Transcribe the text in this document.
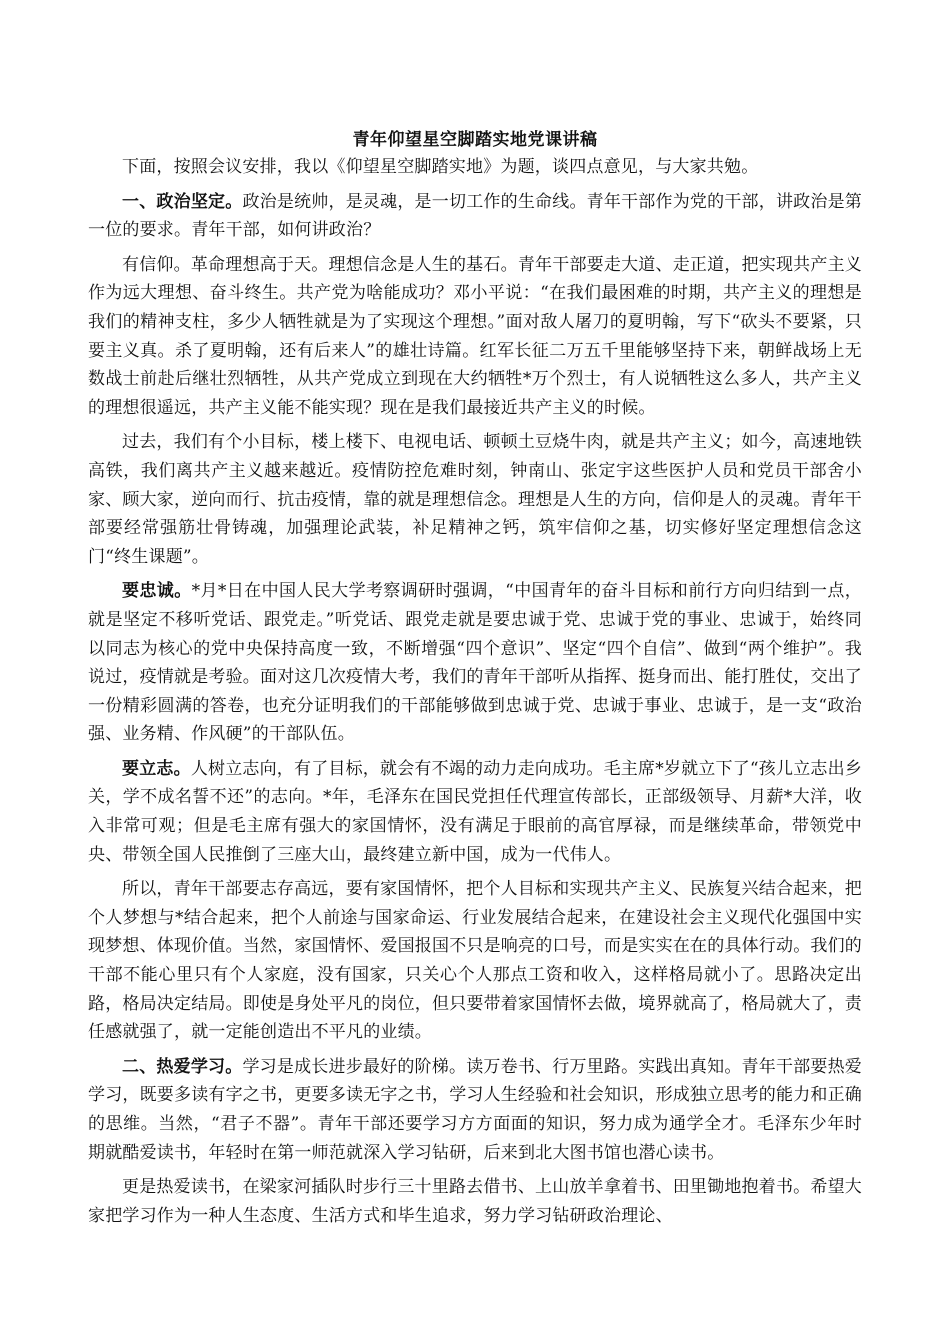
青年仰望星空脚踏实地党课讲稿

下面，按照会议安排，我以《仰望星空脚踏实地》为题，谈四点意见，与大家共勉。

一、政治坚定。政治是统帅，是灵魂，是一切工作的生命线。青年干部作为党的干部，讲政治是第一位的要求。青年干部，如何讲政治？

有信仰。革命理想高于天。理想信念是人生的基石。青年干部要走大道、走正道，把实现共产主义作为远大理想、奋斗终生。共产党为啥能成功？邓小平说：“在我们最困难的时期，共产主义的理想是我们的精神支柱，多少人牺牲就是为了实现这个理想。”面对敌人屠刀的夏明翰，写下“砍头不要紧，只要主义真。杀了夏明翰，还有后来人”的雄壮诗篇。红军长征二万五千里能够坚持下来，朝鲜战场上无数战士前赴后继壮烈牺牲，从共产党成立到现在大约牺牲*万个烈士，有人说牺牲这么多人，共产主义的理想很遥远，共产主义能不能实现？现在是我们最接近共产主义的时候。

过去，我们有个小目标，楼上楼下、电视电话、顿顿土豆烧牛肉，就是共产主义；如今，高速地铁高铁，我们离共产主义越来越近。疫情防控危难时刻，钟南山、张定宇这些医护人员和党员干部舍小家、顾大家，逆向而行、抗击疫情，靠的就是理想信念。理想是人生的方向，信仰是人的灵魂。青年干部要经常强筋壮骨铸魂，加强理论武装，补足精神之钙，筑牢信仰之基，切实修好坚定理想信念这门“终生课题”。

要忠诚。*月*日在中国人民大学考察调研时强调，“中国青年的奋斗目标和前行方向归结到一点，就是坚定不移听党话、跟党走。”听党话、跟党走就是要忠诚于党、忠诚于党的事业、忠诚于，始终同以同志为核心的党中央保持高度一致，不断增强“四个意识”、坚定“四个自信”、做到“两个维护”。我说过，疫情就是考验。面对这几次疫情大考，我们的青年干部听从指挥、挺身而出、能打胜仗，交出了一份精彩圆满的答卷，也充分证明我们的干部能够做到忠诚于党、忠诚于事业、忠诚于，是一支“政治强、业务精、作风硬”的干部队伍。

要立志。人树立志向，有了目标，就会有不竭的动力走向成功。毛主席*岁就立下了“孩儿立志出乡关，学不成名誓不还”的志向。*年，毛泽东在国民党担任代理宣传部长，正部级领导、月薪*大洋，收入非常可观；但是毛主席有强大的家国情怀，没有满足于眼前的高官厚禄，而是继续革命，带领党中央、带领全国人民推倒了三座大山，最终建立新中国，成为一代伟人。

所以，青年干部要志存高远，要有家国情怀，把个人目标和实现共产主义、民族复兴结合起来，把个人梦想与*结合起来，把个人前途与国家命运、行业发展结合起来，在建设社会主义现代化强国中实现梦想、体现价值。当然，家国情怀、爱国报国不只是响亮的口号，而是实实在在的具体行动。我们的干部不能心里只有个人家庭，没有国家，只关心个人那点工资和收入，这样格局就小了。思路决定出路，格局决定结局。即使是身处平凡的岗位，但只要带着家国情怀去做，境界就高了，格局就大了，责任感就强了，就一定能创造出不平凡的业绩。

二、热爱学习。学习是成长进步最好的阶梯。读万卷书、行万里路。实践出真知。青年干部要热爱学习，既要多读有字之书，更要多读无字之书，学习人生经验和社会知识，形成独立思考的能力和正确的思维。当然，“君子不器”。青年干部还要学习方方面面的知识，努力成为通学全才。毛泽东少年时期就酷爱读书，年轻时在第一师范就深入学习钻研，后来到北大图书馆也潜心读书。

更是热爱读书，在梁家河插队时步行三十里路去借书、上山放羊拿着书、田里锄地抱着书。希望大家把学习作为一种人生态度、生活方式和毕生追求，努力学习钻研政治理论、
